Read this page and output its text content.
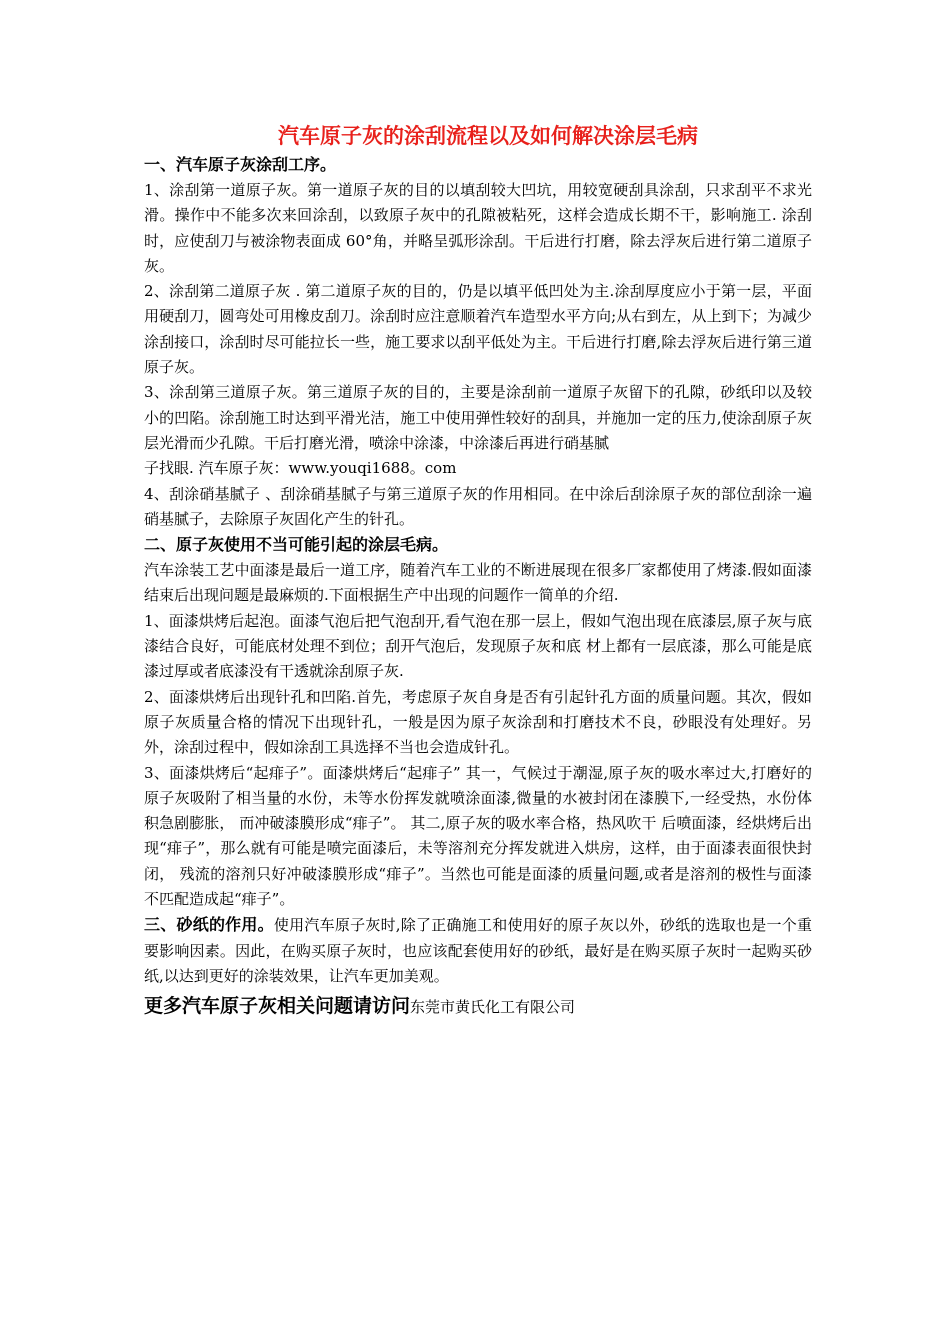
汽车原子灰的涂刮流程以及如何解决涂层毛病

一、汽车原子灰涂刮工序。

1、涂刮第一道原子灰。第一道原子灰的目的以填刮较大凹坑，用较宽硬刮具涂刮，只求刮平不求光滑。操作中不能多次来回涂刮，以致原子灰中的孔隙被粘死，这样会造成长期不干，影响施工. 涂刮时，应使刮刀与被涂物表面成 60°角，并略呈弧形涂刮。干后进行打磨，除去浮灰后进行第二道原子灰。

2、涂刮第二道原子灰 . 第二道原子灰的目的，仍是以填平低凹处为主.涂刮厚度应小于第一层，平面用硬刮刀，圆弯处可用橡皮刮刀。涂刮时应注意顺着汽车造型水平方向;从右到左，从上到下；为减少涂刮接口，涂刮时尽可能拉长一些，施工要求以刮平低处为主。干后进行打磨,除去浮灰后进行第三道原子灰。

3、涂刮第三道原子灰。第三道原子灰的目的，主要是涂刮前一道原子灰留下的孔隙，砂纸印以及较小的凹陷。涂刮施工时达到平滑光洁，施工中使用弹性较好的刮具，并施加一定的压力,使涂刮原子灰层光滑而少孔隙。干后打磨光滑，喷涂中涂漆，中涂漆后再进行硝基腻

子找眼. 汽车原子灰：www.youqi1688。com

4、刮涂硝基腻子 、刮涂硝基腻子与第三道原子灰的作用相同。在中涂后刮涂原子灰的部位刮涂一遍硝基腻子，去除原子灰固化产生的针孔。

二、原子灰使用不当可能引起的涂层毛病。

汽车涂装工艺中面漆是最后一道工序，随着汽车工业的不断进展现在很多厂家都使用了烤漆.假如面漆结束后出现问题是最麻烦的.下面根据生产中出现的问题作一简单的介绍.

1、面漆烘烤后起泡。面漆气泡后把气泡刮开,看气泡在那一层上，假如气泡出现在底漆层,原子灰与底漆结合良好，可能底材处理不到位；刮开气泡后，发现原子灰和底 材上都有一层底漆，那么可能是底漆过厚或者底漆没有干透就涂刮原子灰.

2、面漆烘烤后出现针孔和凹陷.首先，考虑原子灰自身是否有引起针孔方面的质量问题。其次，假如原子灰质量合格的情况下出现针孔，一般是因为原子灰涂刮和打磨技术不良，砂眼没有处理好。另外，涂刮过程中，假如涂刮工具选择不当也会造成针孔。

3、面漆烘烤后“起痱子”。面漆烘烤后“起痱子” 其一，气候过于潮湿,原子灰的吸水率过大,打磨好的原子灰吸附了相当量的水份，未等水份挥发就喷涂面漆,微量的水被封闭在漆膜下,一经受热，水份体积急剧膨胀， 而冲破漆膜形成“痱子”。 其二,原子灰的吸水率合格，热风吹干 后喷面漆，经烘烤后出现“痱子”，那么就有可能是喷完面漆后，未等溶剂充分挥发就进入烘房，这样，由于面漆表面很快封闭， 残流的溶剂只好冲破漆膜形成“痱子”。当然也可能是面漆的质量问题,或者是溶剂的极性与面漆不匹配造成起“痱子”。

三、砂纸的作用。使用汽车原子灰时,除了正确施工和使用好的原子灰以外，砂纸的选取也是一个重要影响因素。因此，在购买原子灰时，也应该配套使用好的砂纸，最好是在购买原子灰时一起购买砂纸,以达到更好的涂装效果，让汽车更加美观。

更多汽车原子灰相关问题请访问东莞市黄氏化工有限公司
